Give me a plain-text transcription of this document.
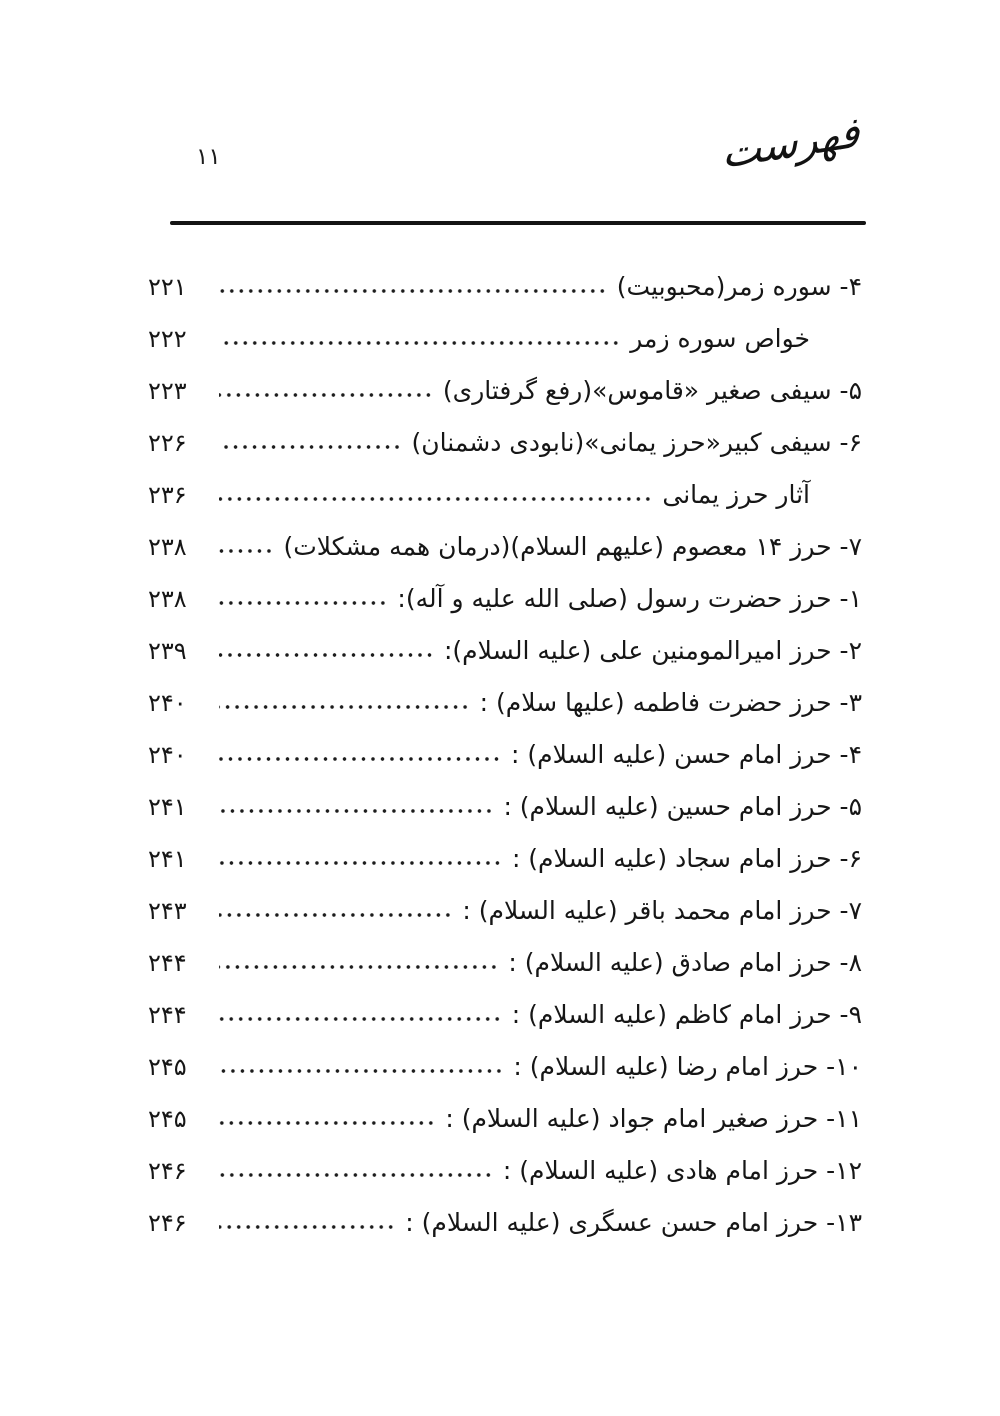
۱۱	فهرست
۴- سوره زمر(محبوبیت)
۲۲۱
خواص سوره زمر
۲۲۲
۵- سیفی صغیر «قاموس»(رفع گرفتاری)
۲۲۳
۶- سیفی کبیر«حرز یمانی»(نابودی دشمنان)
۲۲۶
آثار حرز یمانی
۲۳۶
۷- حرز ۱۴ معصوم (علیهم السلام)(درمان همه مشکلات)
۲۳۸
۱- حرز حضرت رسول (صلی الله علیه و آله):
۲۳۸
۲- حرز امیرالمومنین علی (علیه السلام):
۲۳۹
۳- حرز حضرت فاطمه (علیها سلام) :
۲۴۰
۴- حرز امام حسن (علیه السلام) :
۲۴۰
۵- حرز امام حسین (علیه السلام) :
۲۴۱
۶- حرز امام سجاد (علیه السلام) :
۲۴۱
۷- حرز امام محمد باقر (علیه السلام) :
۲۴۳
۸- حرز امام صادق (علیه السلام) :
۲۴۴
۹- حرز امام کاظم (علیه السلام) :
۲۴۴
۱۰- حرز امام رضا (علیه السلام) :
۲۴۵
۱۱- حرز صغیر امام جواد (علیه السلام) :
۲۴۵
۱۲- حرز امام هادی (علیه السلام) :
۲۴۶
۱۳- حرز امام حسن عسگری (علیه السلام) :
۲۴۶
